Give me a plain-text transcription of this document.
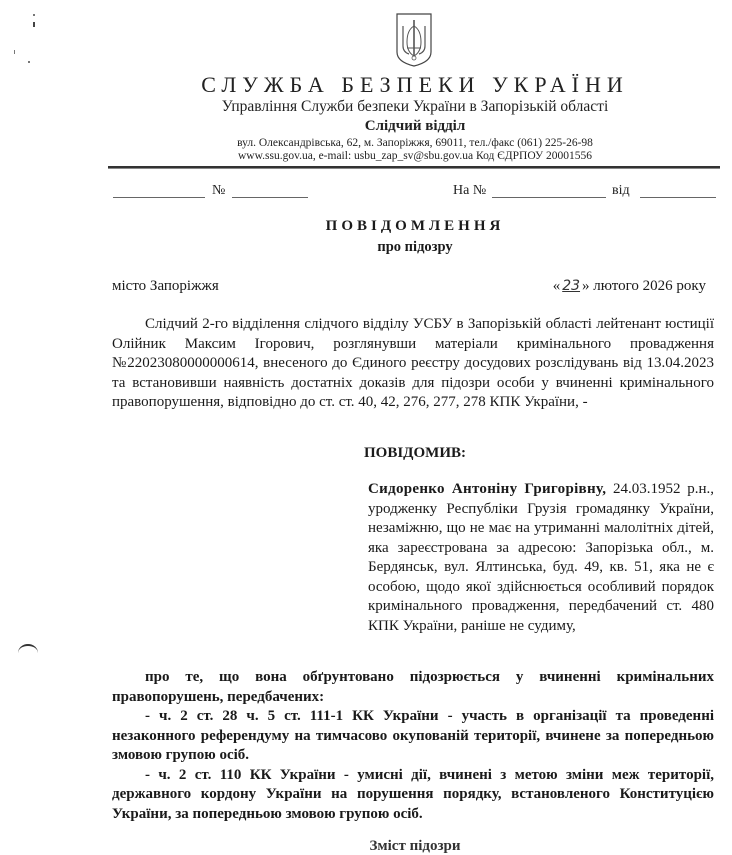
СЛУЖБА БЕЗПЕКИ УКРАЇНИ
Управління Служби безпеки України в Запорізькій області
Слідчий відділ
вул. Олександрівська, 62, м. Запоріжжя, 69011, тел./факс (061) 225-26-98
www.ssu.gov.ua, e-mail: usbu_zap_sv@sbu.gov.ua Код ЄДРПОУ 20001556
№	На №	від
ПОВІДОМЛЕННЯ
про підозру
місто Запоріжжя	« 23 » лютого 2026 року
Слідчий 2-го відділення слідчого відділу УСБУ в Запорізькій області лейтенант юстиції Олійник Максим Ігорович, розглянувши матеріали кримінального провадження №22023080000000614, внесеного до Єдиного реєстру досудових розслідувань від 13.04.2023 та встановивши наявність достатніх доказів для підозри особи у вчиненні кримінального правопорушення, відповідно до ст. ст. 40, 42, 276, 277, 278 КПК України, -
ПОВІДОМИВ:
Сидоренко Антоніну Григорівну, 24.03.1952 р.н., уродженку Республіки Грузія громадянку України, незаміжню, що не має на утриманні малолітніх дітей, яка зареєстрована за адресою: Запорізька обл., м. Бердянськ, вул. Ялтинська, буд. 49, кв. 51, яка не є особою, щодо якої здійснюється особливий порядок кримінального провадження, передбачений ст. 480 КПК України, раніше не судиму,

про те, що вона обґрунтовано підозрюється у вчиненні кримінальних правопорушень, передбачених:

- ч. 2 ст. 28 ч. 5 ст. 111-1 КК України - участь в організації та проведенні незаконного референдуму на тимчасово окупованій території, вчинене за попередньою змовою групою осіб.

- ч. 2 ст. 110 КК України - умисні дії, вчинені з метою зміни меж території, державного кордону України на порушення порядку, встановленого Конституцією України, за попередньою змовою групою осіб.

Зміст підозри
